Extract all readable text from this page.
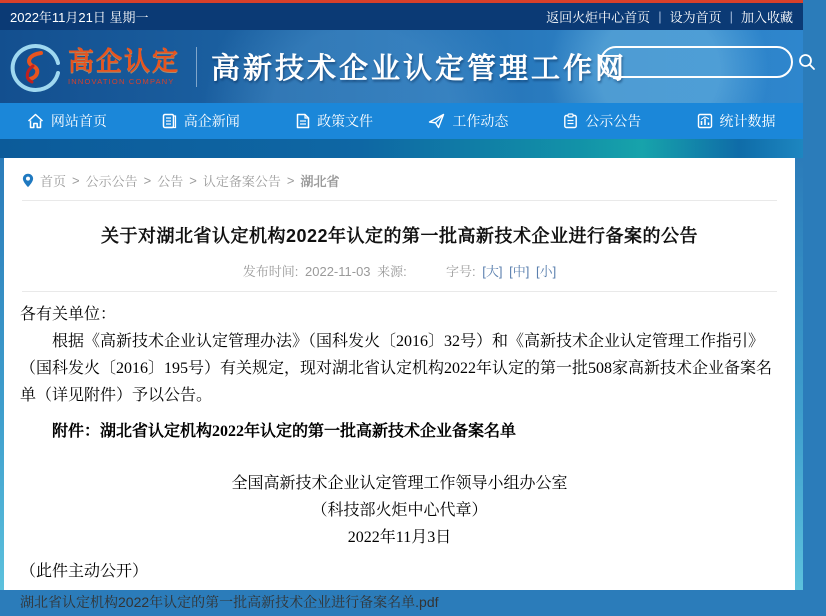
2022年11月21日 星期一	返回火炬中心首页 | 设为首页 | 加入收藏
高企认定
INNOVATION COMPANY 高新技术企业认定管理工作网
网站首页	高企新闻	政策文件	工作动态	公示公告	统计数据
首页 > 公示公告 > 公告 > 认定备案公告 > 湖北省
关于对湖北省认定机构2022年认定的第一批高新技术企业进行备案的公告
发布时间: 2022-11-03 来源:	字号: [大] [中] [小]

各有关单位：

根据《高新技术企业认定管理办法》（国科发火〔2016〕32号）和《高新技术企业认定管理工作指引》（国科发火〔2016〕195号）有关规定，现对湖北省认定机构2022年认定的第一批508家高新技术企业备案名单（详见附件）予以公告。

附件：湖北省认定机构2022年认定的第一批高新技术企业备案名单

全国高新技术企业认定管理工作领导小组办公室

（科技部火炬中心代章）

2022年11月3日

（此件主动公开）

湖北省认定机构2022年认定的第一批高新技术企业进行备案名单.pdf
